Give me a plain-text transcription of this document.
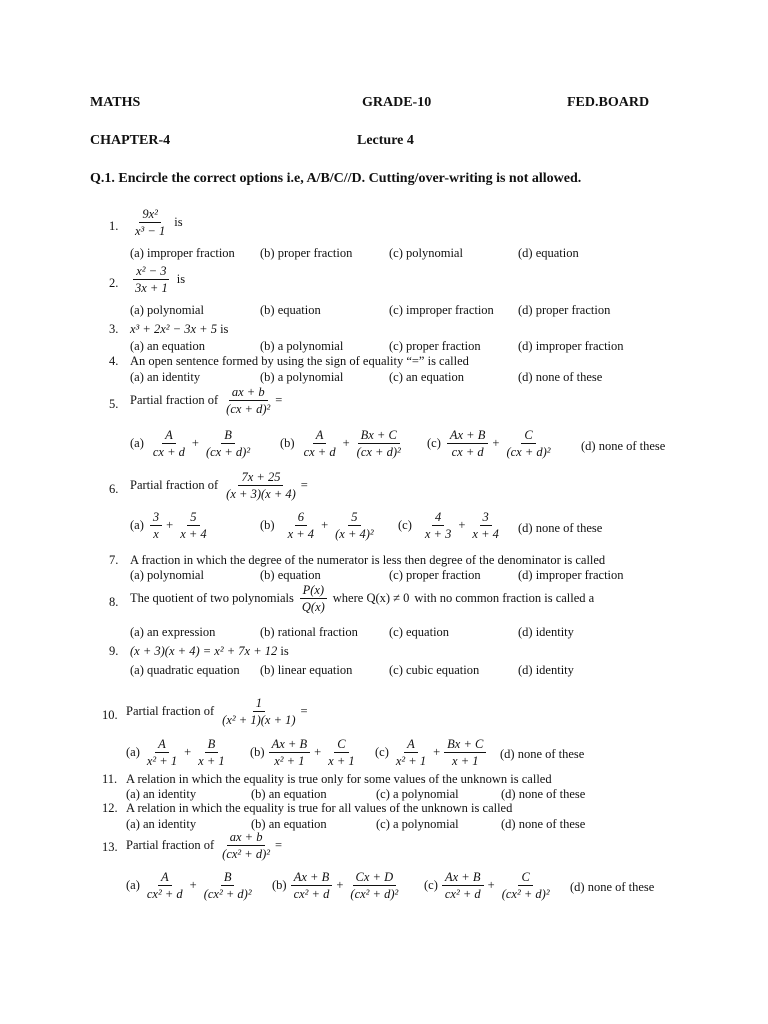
MATHS	GRADE-10	FED.BOARD
CHAPTER-4	Lecture 4
Q.1. Encircle the correct options i.e, A/B/C//D. Cutting/over-writing is not allowed.
1. $\frac{\text{9x²}}{\text{x³ − 1}}$ is
(a) improper fraction (b) proper fraction	(c) polynomial	(d) equation
2. $\frac{\text{x² − 3}}{3x + 1}$ is
(a) polynomial	(b) equation	(c) improper fraction (d) proper fraction
3. x³ + 2x² − 3x + 5 is
(a) an equation	(b) a polynomial	(c) proper fraction	(d) improper fraction
4. An open sentence formed by using the sign of equality “=” is called
(a) an identity	(b) a polynomial	(c) an equation	(d) none of these
5. Partial fraction of $\frac{ax + b}{\text{(cx + d)²}}$ =
$(a) \frac{A}{cx + d} + \frac{B}{\text{(cx + d)²}} (b) \frac{A}{cx + d} + \frac{Bx + C}{\text{(cx + d)²}} (c) \frac{Ax + B}{cx + d} + \frac{C}{\text{(cx + d)²}} (d)$ none of these
6. Partial fraction of $\frac{7x + 25}{(x + 3)(x + 4)}$ =
$(a) \frac{3}{x} + \frac{5}{x + 4}$	$(b) \frac{6}{x + 4} + \frac{5}{\text{(x + 4)²}} (c) \frac{4}{x + 3} + \frac{3}{x + 4} (d)$ none of these
7. A fraction in which the degree of the numerator is less then degree of the denominator is called
(a) polynomial	(b) equation	(c) proper fraction	(d) improper fraction
8. The quotient of two polynomials $\frac{P(x)}{Q(x)}$ where Q(x) ≠ 0 with no common fraction is called a
(a) an expression	(b) rational fraction (c) equation	(d) identity
9. (x + 3)(x + 4) = x² + 7x + 12 is
(a) quadratic equation (b) linear equation	(c) cubic equation	(d) identity
10. Partial fraction of $\frac{1}{\text{(x² + 1)(x + 1)}}$ =
$(a) \frac{A}{\text{x² + 1}} + \frac{B}{x + 1} (b) \frac{Ax + B}{\text{x² + 1}} + \frac{C}{x + 1} (c) \frac{A}{\text{x² + 1}} + \frac{Bx + C}{x + 1} (d)$ none of these
11. A relation in which the equality is true only for some values of the unknown is called
(a) an identity	(b) an equation	(c) a polynomial	(d) none of these
12. A relation in which the equality is true for all values of the unknown is called
(a) an identity	(b) an equation	(c) a polynomial	(d) none of these
13. Partial fraction of $\frac{ax + b}{\text{(cx² + d)²}}$ =
$(a) \frac{A}{\text{cx² + d}} + \frac{B}{\text{(cx² + d)²}} (b) \frac{Ax + B}{\text{cx² + d}} + \frac{Cx + D}{\text{(cx² + d)²}} (c) \frac{Ax + B}{\text{cx² + d}} + \frac{C}{\text{(cx² + d)²}} (d)$ none of these
